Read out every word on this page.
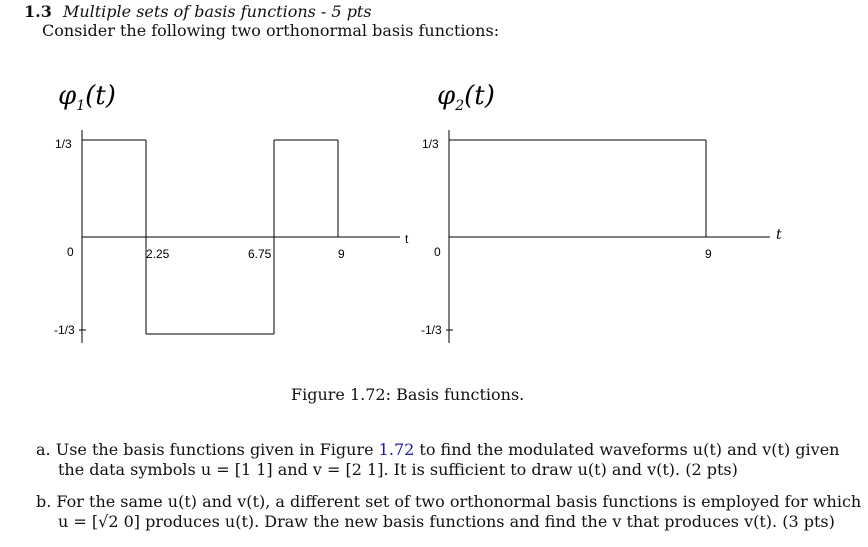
1.3 Multiple sets of basis functions - 5 pts
Consider the following two orthonormal basis functions:
$\varphi_1(t)$
1/3
0
-1/3
2.25	6.75	9
t
$\varphi_2(t)$
1/3
0
-1/3
9
t
Figure 1.72: Basis functions.
a. Use the basis functions given in Figure 1.72 to find the modulated waveforms u(t) and v(t) given
the data symbols u = [1 1] and v = [2 1]. It is sufficient to draw u(t) and v(t). (2 pts)
b. For the same u(t) and v(t), a different set of two orthonormal basis functions is employed for which
u = [√2 0] produces u(t). Draw the new basis functions and find the v that produces v(t). (3 pts)
